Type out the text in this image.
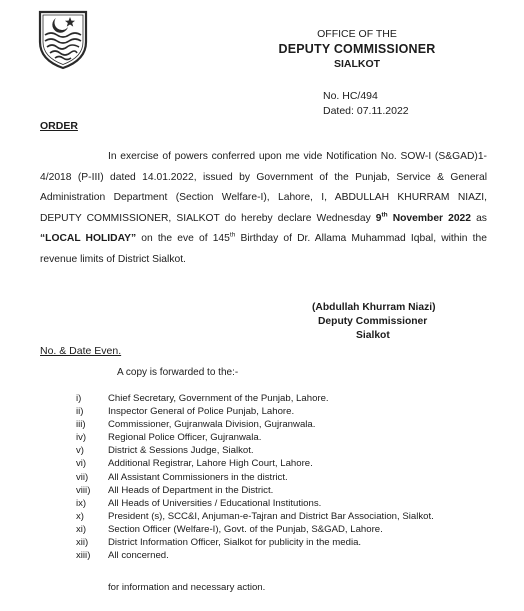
OFFICE OF THE
DEPUTY COMMISSIONER
SIALKOT
No. HC/494
Dated: 07.11.2022
ORDER
In exercise of powers conferred upon me vide Notification No. SOW-I (S&GAD)1-4/2018 (P-III) dated 14.01.2022, issued by Government of the Punjab, Service & General Administration Department (Section Welfare-I), Lahore, I, ABDULLAH KHURRAM NIAZI, DEPUTY COMMISSIONER, SIALKOT do hereby declare Wednesday 9th November 2022 as “LOCAL HOLIDAY” on the eve of 145th Birthday of Dr. Allama Muhammad Iqbal, within the revenue limits of District Sialkot.
(Abdullah Khurram Niazi)
Deputy Commissioner
Sialkot
No. & Date Even.
A copy is forwarded to the:-
i)	Chief Secretary, Government of the Punjab, Lahore.
ii)	Inspector General of Police Punjab, Lahore.
iii)	Commissioner, Gujranwala Division, Gujranwala.
iv)	Regional Police Officer, Gujranwala.
v)	District & Sessions Judge, Sialkot.
vi)	Additional Registrar, Lahore High Court, Lahore.
vii)	All Assistant Commissioners in the district.
viii)	All Heads of Department in the District.
ix)	All Heads of Universities / Educational Institutions.
x)	President (s), SCC&I, Anjuman-e-Tajran and District Bar Association, Sialkot.
xi)	Section Officer (Welfare-I), Govt. of the Punjab, S&GAD, Lahore.
xii)	District Information Officer, Sialkot for publicity in the media.
xiii)	All concerned.
for information and necessary action.
